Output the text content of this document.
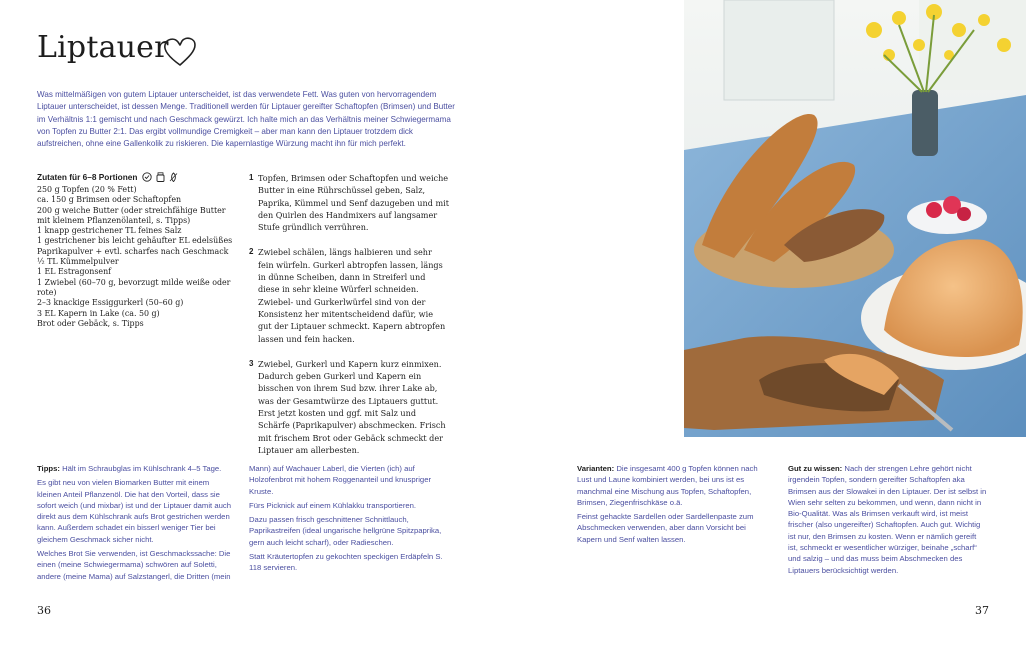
Liptauer
Was mittelmäßigen von gutem Liptauer unterscheidet, ist das verwendete Fett. Was guten von hervorragendem Liptauer unterscheidet, ist dessen Menge. Traditionell werden für Liptauer gereifter Schaftopfen (Brimsen) und Butter im Verhältnis 1:1 gemischt und nach Geschmack gewürzt. Ich halte mich an das Verhältnis meiner Schwiegermama von Topfen zu Butter 2:1. Das ergibt vollmundige Cremigkeit – aber man kann den Liptauer trotzdem dick aufstreichen, ohne eine Gallenkolik zu riskieren. Die kapernlastige Würzung macht ihn für mich perfekt.
Zutaten für 6–8 Portionen
250 g Topfen (20 % Fett)
ca. 150 g Brimsen oder Schaftopfen
200 g weiche Butter (oder streichfähige Butter mit kleinem Pflanzenölanteil, s. Tipps)
1 knapp gestrichener TL feines Salz
1 gestrichener bis leicht gehäufter EL edelsüßes Paprikapulver + evtl. scharfes nach Geschmack
½ TL Kümmelpulver
1 EL Estragonsenf
1 Zwiebel (60–70 g, bevorzugt milde weiße oder rote)
2–3 knackige Essiggurkerl (50–60 g)
3 EL Kapern in Lake (ca. 50 g)
Brot oder Gebäck, s. Tipps
1 Topfen, Brimsen oder Schaftopfen und weiche Butter in eine Rührschüssel geben, Salz, Paprika, Kümmel und Senf dazugeben und mit den Quirlen des Handmixers auf langsamer Stufe gründlich verrühren.
2 Zwiebel schälen, längs halbieren und sehr fein würfeln. Gurkerl abtropfen lassen, längs in dünne Scheiben, dann in Streiferl und diese in sehr kleine Würferl schneiden. Zwiebel- und Gurkerlwürfel sind von der Konsistenz her mitentscheidend dafür, wie gut der Liptauer schmeckt. Kapern abtropfen lassen und fein hacken.
3 Zwiebel, Gurkerl und Kapern kurz einmixen. Dadurch geben Gurkerl und Kapern ein bisschen von ihrem Sud bzw. ihrer Lake ab, was der Gesamtwürze des Liptauers guttut. Erst jetzt kosten und ggf. mit Salz und Schärfe (Paprikapulver) abschmecken. Frisch mit frischem Brot oder Gebäck schmeckt der Liptauer am allerbesten.

Tipps: Hält im Schraubglas im Kühlschrank 4–5 Tage.

Es gibt neu von vielen Biomarken Butter mit einem kleinen Anteil Pflanzenöl. Die hat den Vorteil, dass sie sofort weich (und mixbar) ist und der Liptauer damit auch direkt aus dem Kühlschrank aufs Brot gestrichen werden kann. Außerdem schadet ein bisserl weniger Tier bei gleichem Geschmack sicher nicht.

Welches Brot Sie verwenden, ist Geschmackssache: Die einen (meine Schwiegermama) schwören auf Soletti, andere (meine Mama) auf Salzstangerl, die Dritten (mein

Mann) auf Wachauer Laberl, die Vierten (ich) auf Holzofenbrot mit hohem Roggenanteil und knuspriger Kruste.

Fürs Picknick auf einem Kühlakku transportieren.

Dazu passen frisch geschnittener Schnittlauch, Paprikastreifen (ideal ungarische hellgrüne Spitzpaprika, gern auch leicht scharf), oder Radieschen.

Statt Kräutertopfen zu gekochten speckigen Erdäpfeln S. 118 servieren.

Varianten: Die insgesamt 400 g Topfen können nach Lust und Laune kombiniert werden, bei uns ist es manchmal eine Mischung aus Topfen, Schaftopfen, Brimsen, Ziegenfrischkäse o.ä.

Feinst gehackte Sardellen oder Sardellenpaste zum Abschmecken verwenden, aber dann Vorsicht bei Kapern und Senf walten lassen.

Gut zu wissen: Nach der strengen Lehre gehört nicht irgendein Topfen, sondern gereifter Schaftopfen aka Brimsen aus der Slowakei in den Liptauer. Der ist selbst in Wien sehr selten zu bekommen, und wenn, dann nicht in Bio-Qualität. Was als Brimsen verkauft wird, ist meist frischer (also ungereifter) Schaftopfen. Auch gut. Wichtig ist nur, den Brimsen zu kosten. Wenn er nämlich gereift ist, schmeckt er wesentlicher würziger, beinahe „scharf“ und salzig – und das muss beim Abschmecken des Liptauers berücksichtigt werden.

36	37
